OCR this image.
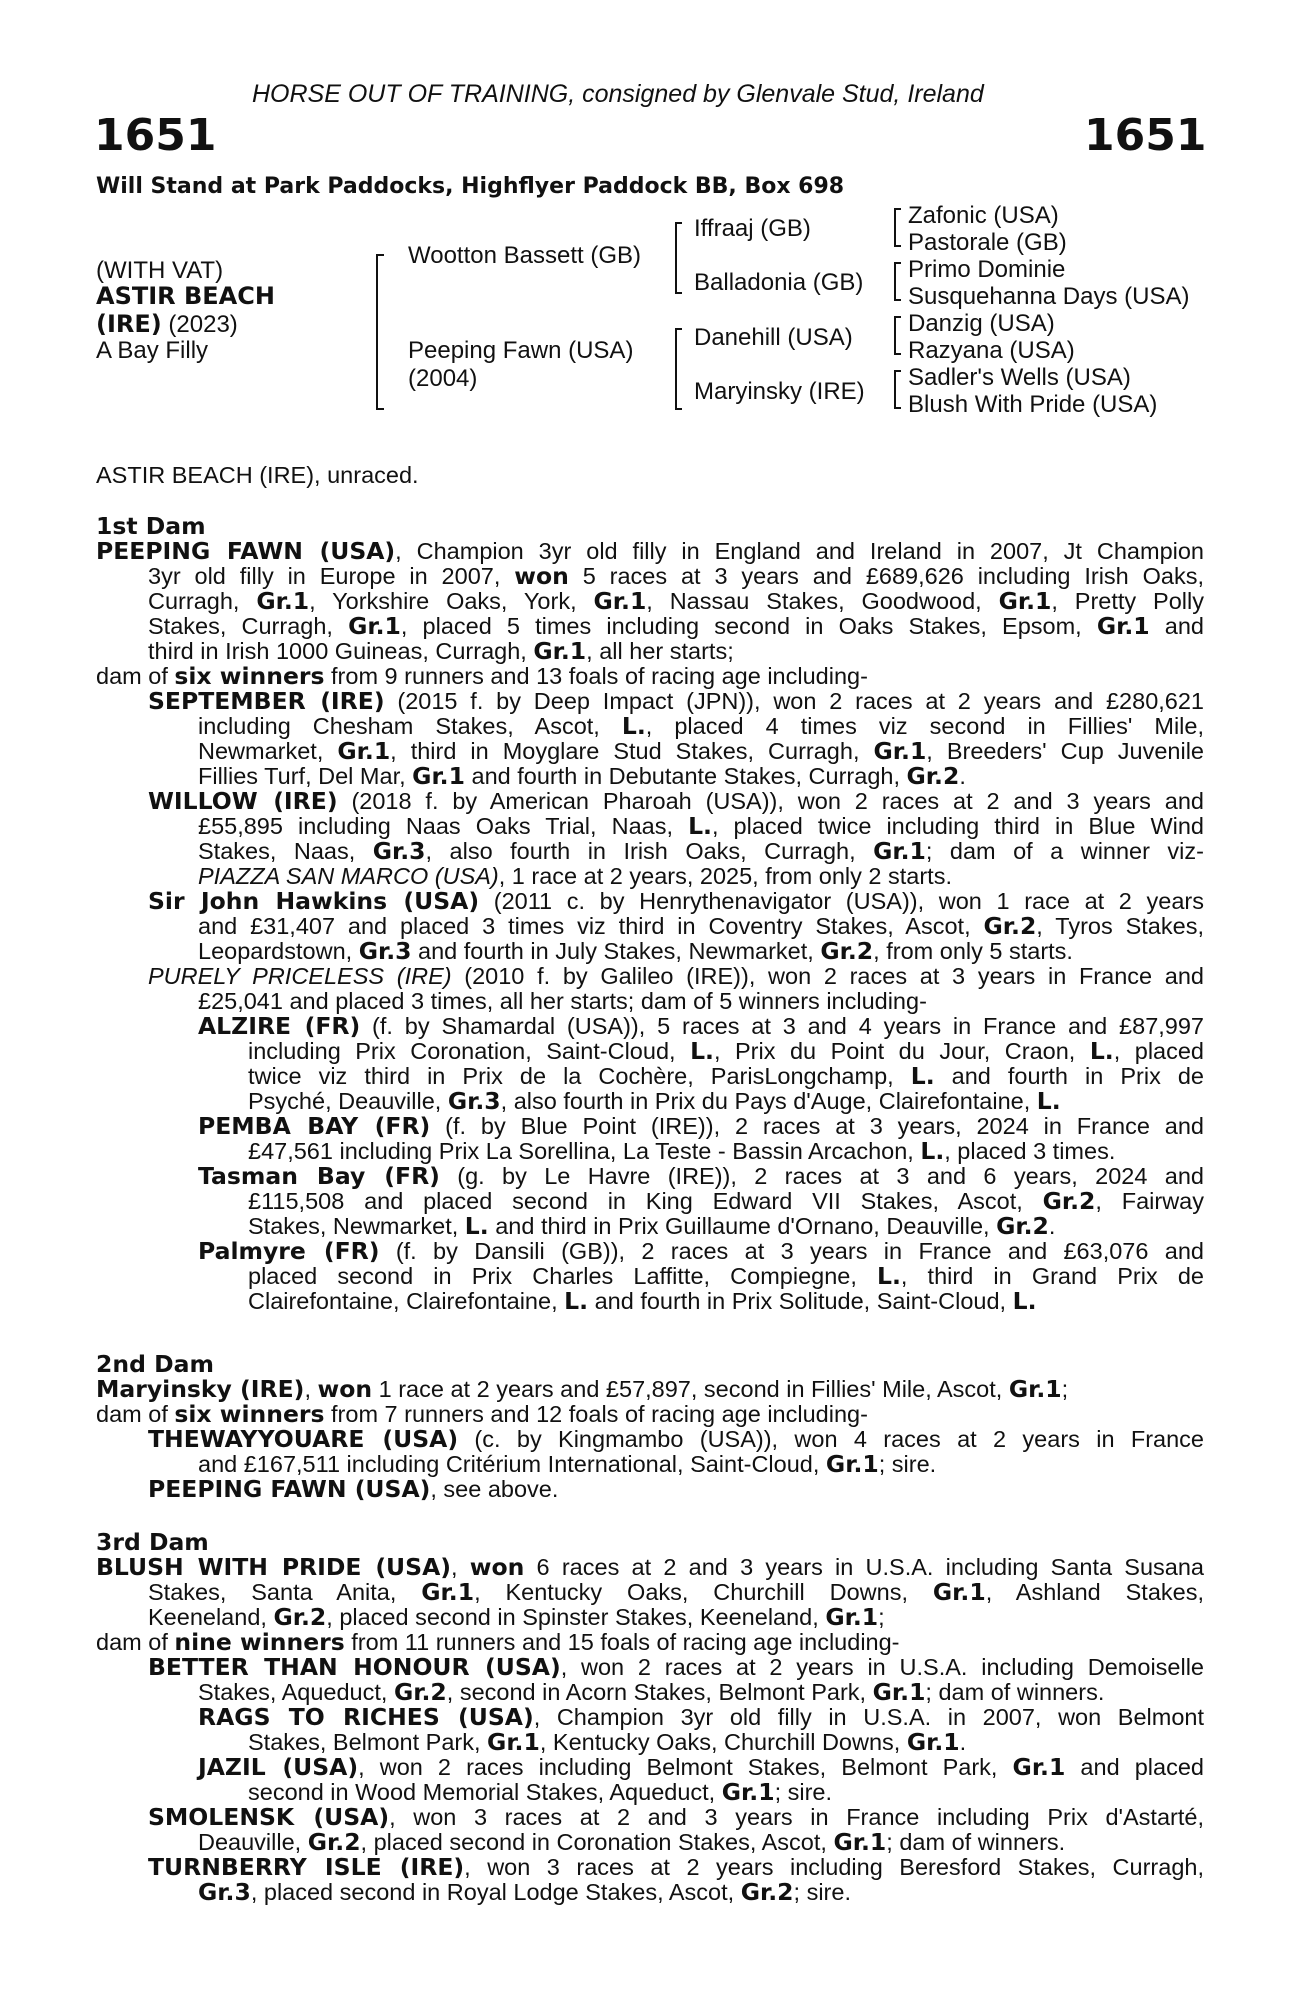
HORSE OUT OF TRAINING, consigned by Glenvale Stud, Ireland
1651	1651
Will Stand at Park Paddocks, Highflyer Paddock BB, Box 698
(WITH VAT)
ASTIR BEACH
(IRE) (2023)
A Bay Filly
Wootton Bassett (GB)
Peeping Fawn (USA)
(2004)
Iffraaj (GB)
Balladonia (GB)
Danehill (USA)
Maryinsky (IRE)
Zafonic (USA)
Pastorale (GB)
Primo Dominie
Susquehanna Days (USA)
Danzig (USA)
Razyana (USA)
Sadler's Wells (USA)
Blush With Pride (USA)
ASTIR BEACH (IRE), unraced.
1st Dam
PEEPING FAWN (USA), Champion 3yr old filly in England and Ireland in 2007, Jt Champion
3yr old filly in Europe in 2007, won 5 races at 3 years and £689,626 including Irish Oaks,
Curragh, Gr.1, Yorkshire Oaks, York, Gr.1, Nassau Stakes, Goodwood, Gr.1, Pretty Polly
Stakes, Curragh, Gr.1, placed 5 times including second in Oaks Stakes, Epsom, Gr.1 and
third in Irish 1000 Guineas, Curragh, Gr.1, all her starts;
dam of six winners from 9 runners and 13 foals of racing age including-
SEPTEMBER (IRE) (2015 f. by Deep Impact (JPN)), won 2 races at 2 years and £280,621
including Chesham Stakes, Ascot, L., placed 4 times viz second in Fillies' Mile,
Newmarket, Gr.1, third in Moyglare Stud Stakes, Curragh, Gr.1, Breeders' Cup Juvenile
Fillies Turf, Del Mar, Gr.1 and fourth in Debutante Stakes, Curragh, Gr.2.
WILLOW (IRE) (2018 f. by American Pharoah (USA)), won 2 races at 2 and 3 years and
£55,895 including Naas Oaks Trial, Naas, L., placed twice including third in Blue Wind
Stakes, Naas, Gr.3, also fourth in Irish Oaks, Curragh, Gr.1; dam of a winner viz-
PIAZZA SAN MARCO (USA), 1 race at 2 years, 2025, from only 2 starts.
Sir John Hawkins (USA) (2011 c. by Henrythenavigator (USA)), won 1 race at 2 years
and £31,407 and placed 3 times viz third in Coventry Stakes, Ascot, Gr.2, Tyros Stakes,
Leopardstown, Gr.3 and fourth in July Stakes, Newmarket, Gr.2, from only 5 starts.
PURELY PRICELESS (IRE) (2010 f. by Galileo (IRE)), won 2 races at 3 years in France and
£25,041 and placed 3 times, all her starts; dam of 5 winners including-
ALZIRE (FR) (f. by Shamardal (USA)), 5 races at 3 and 4 years in France and £87,997
including Prix Coronation, Saint-Cloud, L., Prix du Point du Jour, Craon, L., placed
twice viz third in Prix de la Cochère, ParisLongchamp, L. and fourth in Prix de
Psyché, Deauville, Gr.3, also fourth in Prix du Pays d'Auge, Clairefontaine, L.
PEMBA BAY (FR) (f. by Blue Point (IRE)), 2 races at 3 years, 2024 in France and
£47,561 including Prix La Sorellina, La Teste - Bassin Arcachon, L., placed 3 times.
Tasman Bay (FR) (g. by Le Havre (IRE)), 2 races at 3 and 6 years, 2024 and
£115,508 and placed second in King Edward VII Stakes, Ascot, Gr.2, Fairway
Stakes, Newmarket, L. and third in Prix Guillaume d'Ornano, Deauville, Gr.2.
Palmyre (FR) (f. by Dansili (GB)), 2 races at 3 years in France and £63,076 and
placed second in Prix Charles Laffitte, Compiegne, L., third in Grand Prix de
Clairefontaine, Clairefontaine, L. and fourth in Prix Solitude, Saint-Cloud, L.
2nd Dam
Maryinsky (IRE), won 1 race at 2 years and £57,897, second in Fillies' Mile, Ascot, Gr.1;
dam of six winners from 7 runners and 12 foals of racing age including-
THEWAYYOUARE (USA) (c. by Kingmambo (USA)), won 4 races at 2 years in France
and £167,511 including Critérium International, Saint-Cloud, Gr.1; sire.
PEEPING FAWN (USA), see above.
3rd Dam
BLUSH WITH PRIDE (USA), won 6 races at 2 and 3 years in U.S.A. including Santa Susana
Stakes, Santa Anita, Gr.1, Kentucky Oaks, Churchill Downs, Gr.1, Ashland Stakes,
Keeneland, Gr.2, placed second in Spinster Stakes, Keeneland, Gr.1;
dam of nine winners from 11 runners and 15 foals of racing age including-
BETTER THAN HONOUR (USA), won 2 races at 2 years in U.S.A. including Demoiselle
Stakes, Aqueduct, Gr.2, second in Acorn Stakes, Belmont Park, Gr.1; dam of winners.
RAGS TO RICHES (USA), Champion 3yr old filly in U.S.A. in 2007, won Belmont
Stakes, Belmont Park, Gr.1, Kentucky Oaks, Churchill Downs, Gr.1.
JAZIL (USA), won 2 races including Belmont Stakes, Belmont Park, Gr.1 and placed
second in Wood Memorial Stakes, Aqueduct, Gr.1; sire.
SMOLENSK (USA), won 3 races at 2 and 3 years in France including Prix d'Astarté,
Deauville, Gr.2, placed second in Coronation Stakes, Ascot, Gr.1; dam of winners.
TURNBERRY ISLE (IRE), won 3 races at 2 years including Beresford Stakes, Curragh,
Gr.3, placed second in Royal Lodge Stakes, Ascot, Gr.2; sire.
